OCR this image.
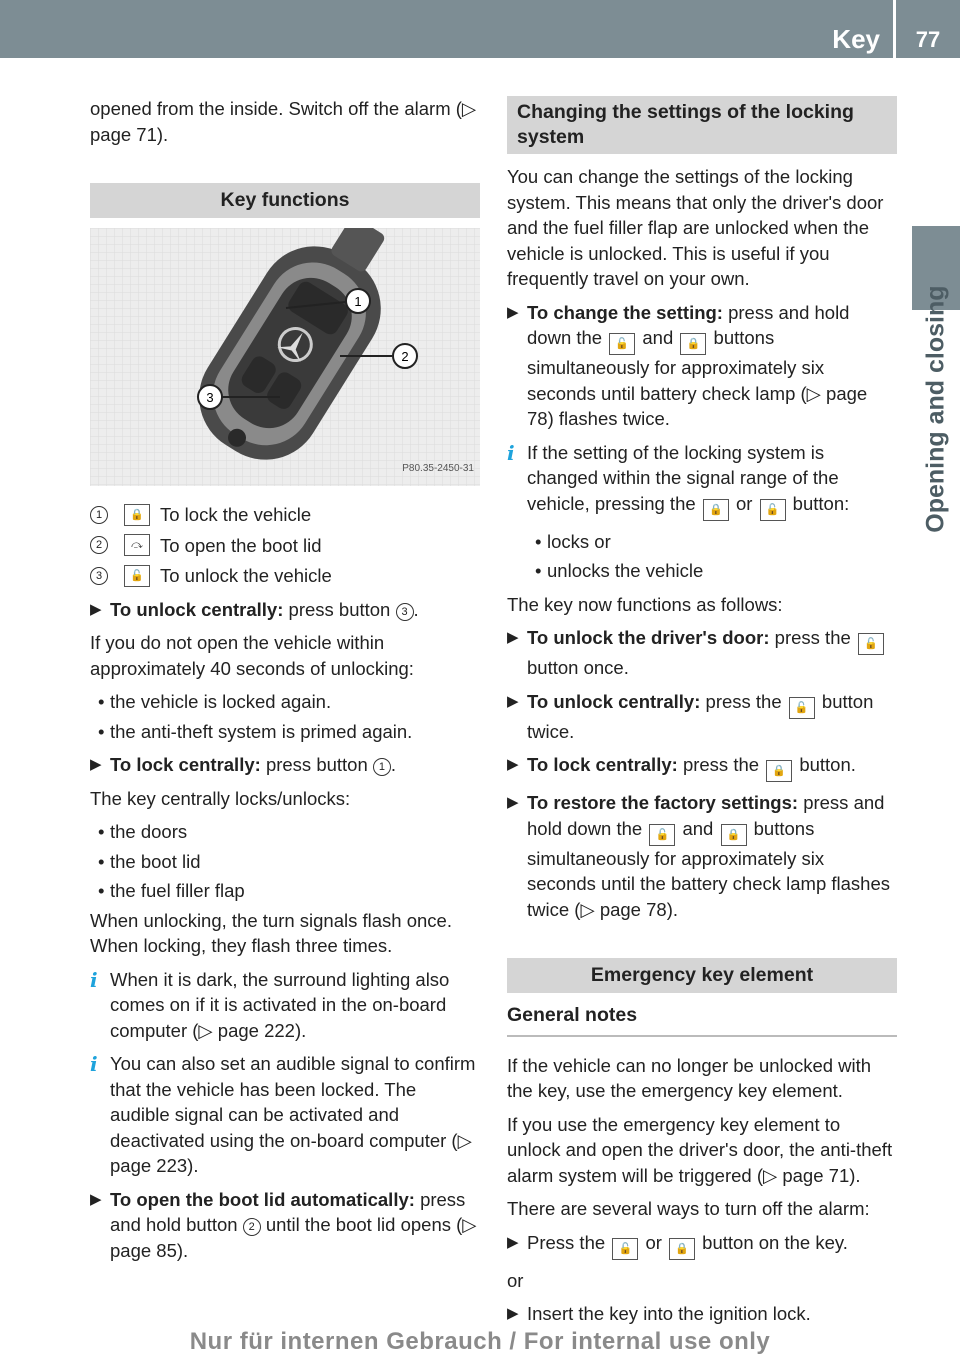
Key	77
Opening and closing

opened from the inside. Switch off the alarm (▷ page 71).

Key functions
1
2
3
P80.35-2450-31
1	🔒 To lock the vehicle
2	⤼ To open the boot lid
3	🔓 To unlock the vehicle
▶ To unlock centrally: press button 3 .

If you do not open the vehicle within approximately 40 seconds of unlocking:

• the vehicle is locked again.
• the anti-theft system is primed again.
▶ To lock centrally: press button 1 .

The key centrally locks/unlocks:

• the doors
• the boot lid
• the fuel filler flap

When unlocking, the turn signals flash once. When locking, they flash three times.

i When it is dark, the surround lighting also comes on if it is activated in the on-board computer (▷ page 222).
i You can also set an audible signal to confirm that the vehicle has been locked. The audible signal can be activated and deactivated using the on-board computer (▷ page 223).
▶ To open the boot lid automatically: press and hold button 2 until the boot lid opens (▷ page 85).
Changing the settings of the locking system

You can change the settings of the locking system. This means that only the driver's door and the fuel filler flap are unlocked when the vehicle is unlocked. This is useful if you frequently travel on your own.

▶ To change the setting: press and hold down the 🔓 and 🔒 buttons simultaneously for approximately six seconds until battery check lamp (▷ page 78) flashes twice.
i If the setting of the locking system is changed within the signal range of the vehicle, pressing the 🔒 or 🔓 button:
• locks or
• unlocks the vehicle

The key now functions as follows:

▶ To unlock the driver's door: press the 🔓 button once.
▶ To unlock centrally: press the 🔓 button twice.
▶ To lock centrally: press the 🔒 button.
▶ To restore the factory settings: press and hold down the 🔓 and 🔒 buttons simultaneously for approximately six seconds until the battery check lamp flashes twice (▷ page 78).
Emergency key element
General notes

If the vehicle can no longer be unlocked with the key, use the emergency key element.

If you use the emergency key element to unlock and open the driver's door, the anti-theft alarm system will be triggered (▷ page 71).

There are several ways to turn off the alarm:

▶ Press the 🔓 or 🔒 button on the key.

or

▶ Insert the key into the ignition lock.
Nur für internen Gebrauch / For internal use only
